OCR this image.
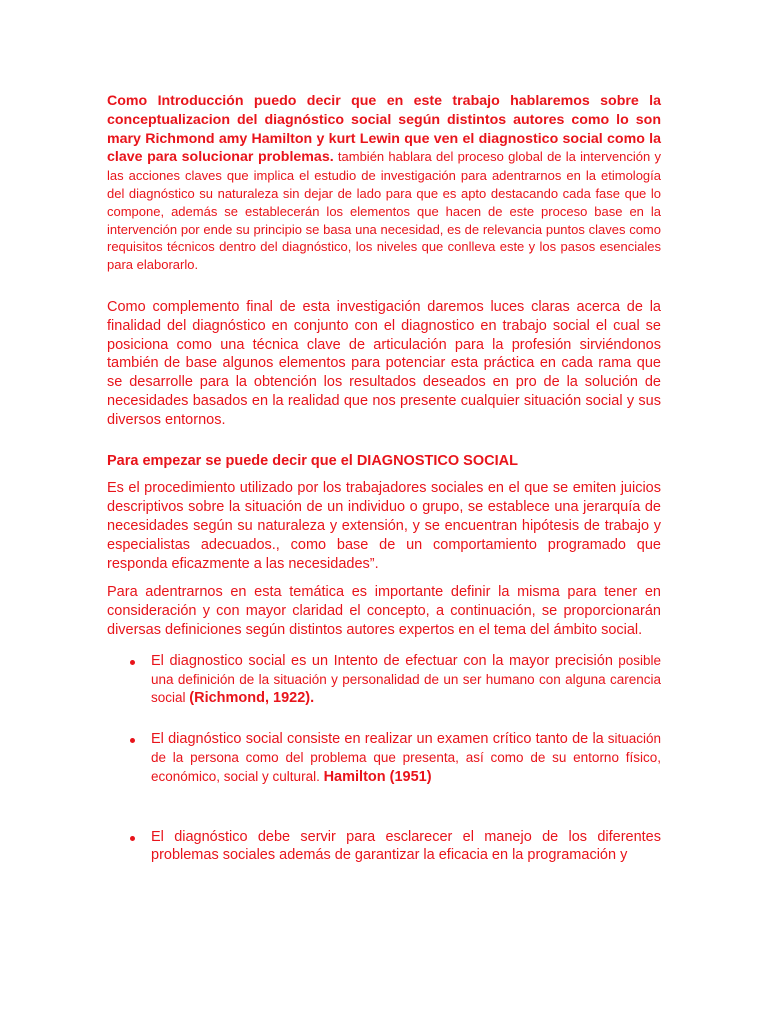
Como Introducción puedo decir que en este trabajo hablaremos sobre la conceptualizacion del diagnóstico social según distintos autores como lo son mary Richmond amy Hamilton y kurt Lewin que ven el diagnostico social como la clave para solucionar problemas. también hablara del proceso global de la intervención y las acciones claves que implica el estudio de investigación para adentrarnos en la etimología del diagnóstico su naturaleza sin dejar de lado para que es apto destacando cada fase que lo compone, además se establecerán los elementos que hacen de este proceso base en la intervención por ende su principio se basa una necesidad, es de relevancia puntos claves como requisitos técnicos dentro del diagnóstico, los niveles que conlleva este y los pasos esenciales para elaborarlo.

Como complemento final de esta investigación daremos luces claras acerca de la finalidad del diagnóstico en conjunto con el diagnostico en trabajo social el cual se posiciona como una técnica clave de articulación para la profesión sirviéndonos también de base algunos elementos para potenciar esta práctica en cada rama que se desarrolle para la obtención los resultados deseados en pro de la solución de necesidades basados en la realidad que nos presente cualquier situación social y sus diversos entornos.

Para empezar se puede decir que el DIAGNOSTICO SOCIAL

Es el procedimiento utilizado por los trabajadores sociales en el que se emiten juicios descriptivos sobre la situación de un individuo o grupo, se establece una jerarquía de necesidades según su naturaleza y extensión, y se encuentran hipótesis de trabajo y especialistas adecuados., como base de un comportamiento programado que responda eficazmente a las necesidades”.

Para adentrarnos en esta temática es importante definir la misma para tener en consideración y con mayor claridad el concepto, a continuación, se proporcionarán diversas definiciones según distintos autores expertos en el tema del ámbito social.

El diagnostico social es un Intento de efectuar con la mayor precisión posible una definición de la situación y personalidad de un ser humano con alguna carencia social (Richmond, 1922).

El diagnóstico social consiste en realizar un examen crítico tanto de la situación de la persona como del problema que presenta, así como de su entorno físico, económico, social y cultural. Hamilton (1951)

El diagnóstico debe servir para esclarecer el manejo de los diferentes problemas sociales además de garantizar la eficacia en la programación y
